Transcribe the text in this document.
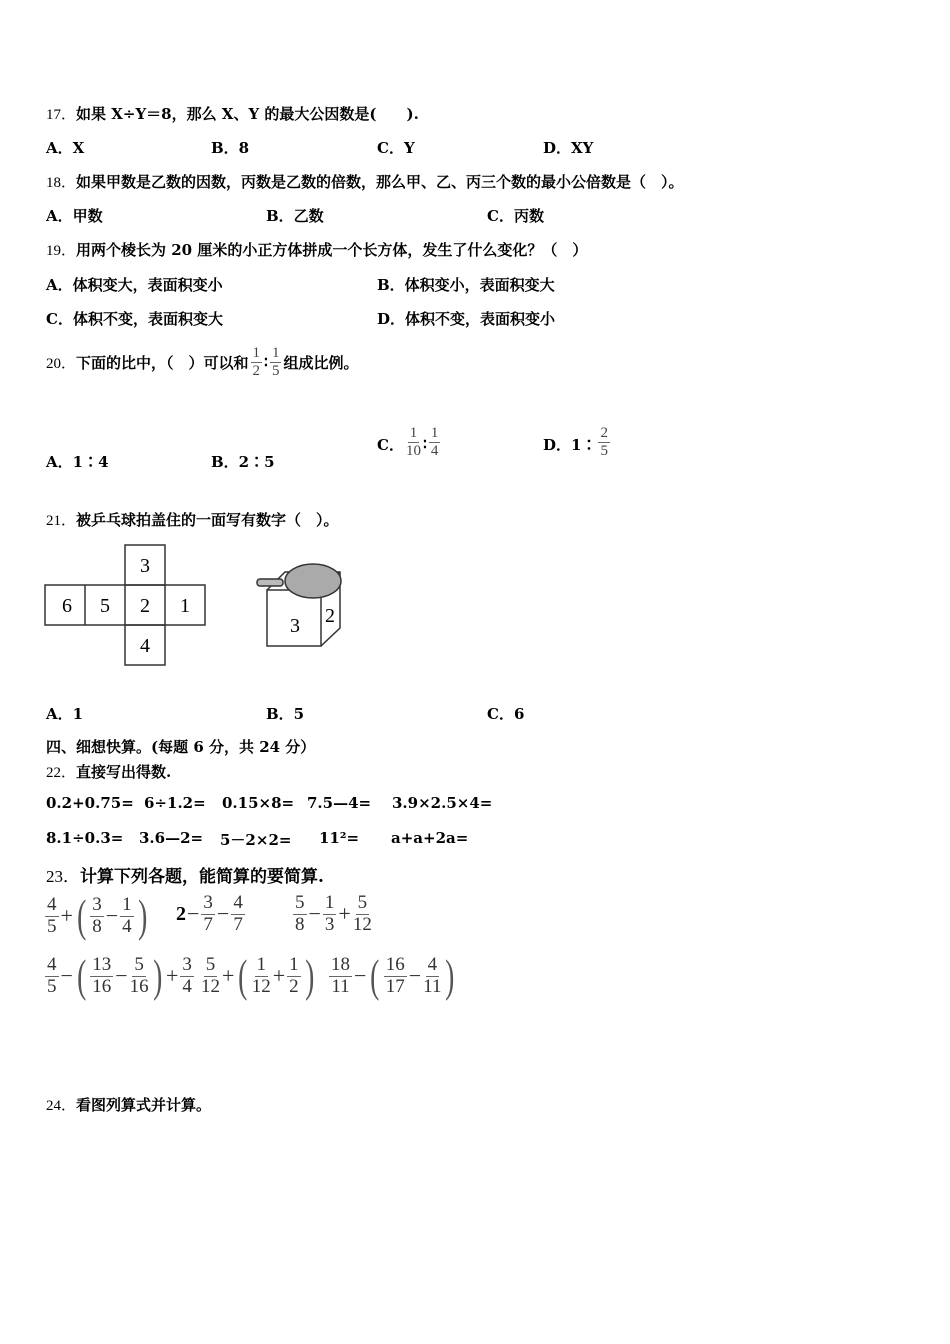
17．如果 X÷Y＝8，那么 X、Y 的最大公因数是(　　).
A．X	B．8	C．Y	D．XY
18．如果甲数是乙数的因数，丙数是乙数的倍数，那么甲、乙、丙三个数的最小公倍数是（　）。
A．甲数	B．乙数	C．丙数
19．用两个棱长为 20 厘米的小正方体拼成一个长方体，发生了什么变化？（　）
A．体积变大，表面积变小	B．体积变小，表面积变大
C．体积不变，表面积变大	D．体积不变，表面积变小
20． 下面的比中，（　）可以和 $\frac{1}{2}$ ∶ $\frac{1}{5}$ 组成比例。
A．1∶4	B．2∶5
C． $\frac{1}{10}$ ∶ $\frac{1}{4}$	D．1∶ $\frac{2}{5}$
21．被乒乓球拍盖住的一面写有数字（　）。
3
6 5 2 1
4
3 2
A．1	B．5	C．6
四、细想快算。(每题 6 分，共 24 分）
22．直接写出得数.
0.2+0.75= 6÷1.2= 0.15×8= 7.5—4= 3.9×2.5×4=
8.1÷0.3= 3.6—2= 5－2×2= 11²= a+a+2a=
23．计算下列各题，能简算的要简算.
$\frac{4}{5}$ + ( $\frac{3}{8} - \frac{1}{4}$ ) $2 - \frac{3}{7} - \frac{4}{7}$	$\frac{5}{8} - \frac{1}{3} + \frac{5}{12}$
$\frac{4}{5}$ − ( $\frac{13}{16} - \frac{5}{16}$ ) + $\frac{3}{4} \frac{5}{12}$ + ( $\frac{1}{12} + \frac{1}{2}$ ) $\frac{18}{11}$ − ( $\frac{16}{17} - \frac{4}{11}$ )
24．看图列算式并计算。
